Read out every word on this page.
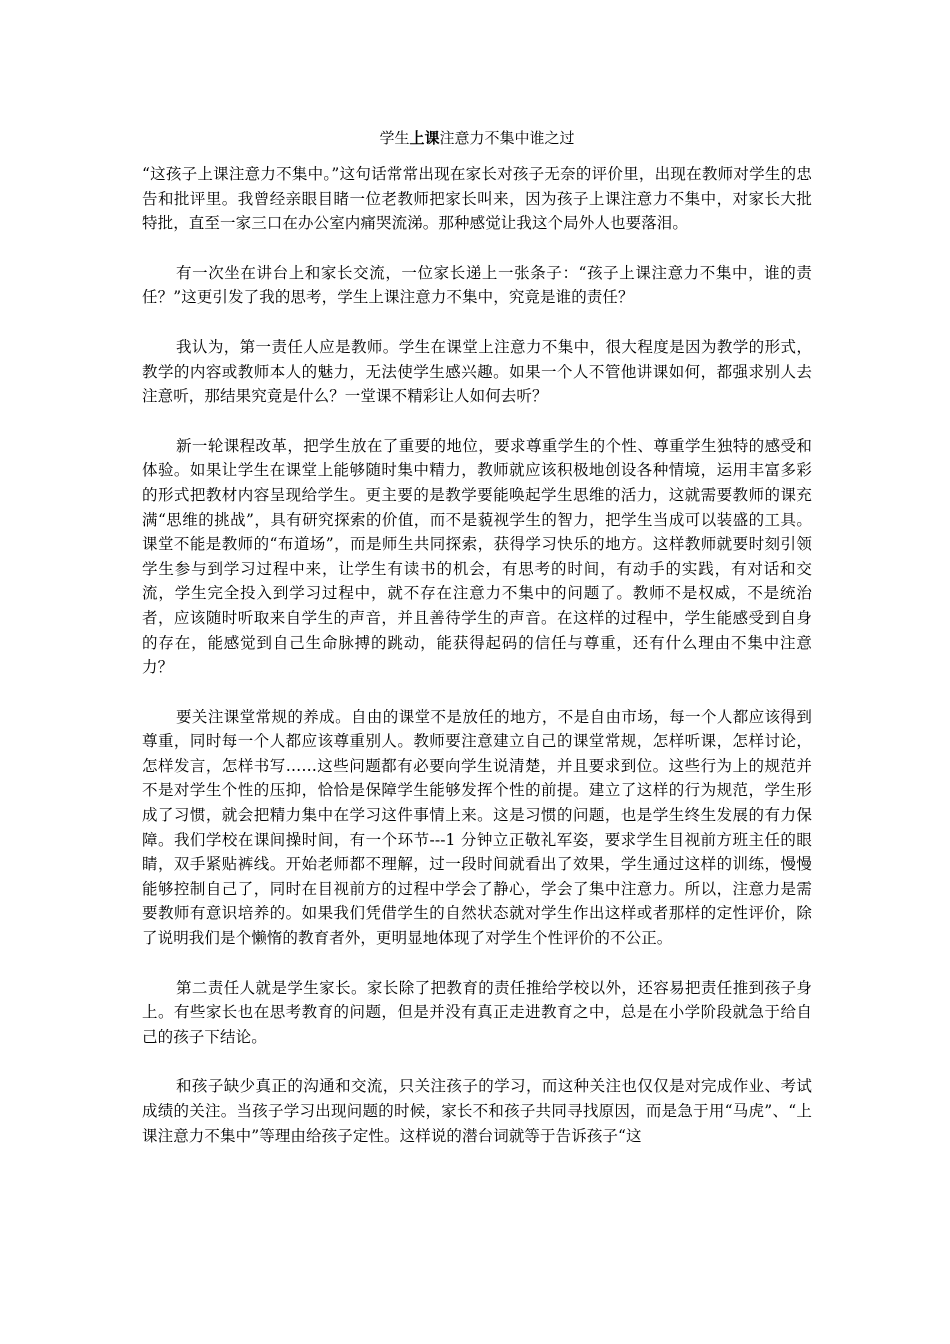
学生上课注意力不集中谁之过

“这孩子上课注意力不集中。”这句话常常出现在家长对孩子无奈的评价里，出现在教师对学生的忠告和批评里。我曾经亲眼目睹一位老教师把家长叫来，因为孩子上课注意力不集中，对家长大批特批，直至一家三口在办公室内痛哭流涕。那种感觉让我这个局外人也要落泪。

有一次坐在讲台上和家长交流，一位家长递上一张条子：“孩子上课注意力不集中，谁的责任？”这更引发了我的思考，学生上课注意力不集中，究竟是谁的责任？

我认为，第一责任人应是教师。学生在课堂上注意力不集中，很大程度是因为教学的形式，教学的内容或教师本人的魅力，无法使学生感兴趣。如果一个人不管他讲课如何，都强求别人去注意听，那结果究竟是什么？一堂课不精彩让人如何去听？

新一轮课程改革，把学生放在了重要的地位，要求尊重学生的个性、尊重学生独特的感受和体验。如果让学生在课堂上能够随时集中精力，教师就应该积极地创设各种情境，运用丰富多彩的形式把教材内容呈现给学生。更主要的是教学要能唤起学生思维的活力，这就需要教师的课充满“思维的挑战”，具有研究探索的价值，而不是藐视学生的智力，把学生当成可以装盛的工具。课堂不能是教师的“布道场”，而是师生共同探索，获得学习快乐的地方。这样教师就要时刻引领学生参与到学习过程中来，让学生有读书的机会，有思考的时间，有动手的实践，有对话和交流，学生完全投入到学习过程中，就不存在注意力不集中的问题了。教师不是权威，不是统治者，应该随时听取来自学生的声音，并且善待学生的声音。在这样的过程中，学生能感受到自身的存在，能感觉到自己生命脉搏的跳动，能获得起码的信任与尊重，还有什么理由不集中注意力？

要关注课堂常规的养成。自由的课堂不是放任的地方，不是自由市场，每一个人都应该得到尊重，同时每一个人都应该尊重别人。教师要注意建立自己的课堂常规，怎样听课，怎样讨论，怎样发言，怎样书写……这些问题都有必要向学生说清楚，并且要求到位。这些行为上的规范并不是对学生个性的压抑，恰恰是保障学生能够发挥个性的前提。建立了这样的行为规范，学生形成了习惯，就会把精力集中在学习这件事情上来。这是习惯的问题，也是学生终生发展的有力保障。我们学校在课间操时间，有一个环节---1 分钟立正敬礼军姿，要求学生目视前方班主任的眼睛，双手紧贴裤线。开始老师都不理解，过一段时间就看出了效果，学生通过这样的训练，慢慢能够控制自己了，同时在目视前方的过程中学会了静心，学会了集中注意力。所以，注意力是需要教师有意识培养的。如果我们凭借学生的自然状态就对学生作出这样或者那样的定性评价，除了说明我们是个懒惰的教育者外，更明显地体现了对学生个性评价的不公正。

第二责任人就是学生家长。家长除了把教育的责任推给学校以外，还容易把责任推到孩子身上。有些家长也在思考教育的问题，但是并没有真正走进教育之中，总是在小学阶段就急于给自己的孩子下结论。

和孩子缺少真正的沟通和交流，只关注孩子的学习，而这种关注也仅仅是对完成作业、考试成绩的关注。当孩子学习出现问题的时候，家长不和孩子共同寻找原因，而是急于用“马虎”、“上课注意力不集中”等理由给孩子定性。这样说的潜台词就等于告诉孩子“这
